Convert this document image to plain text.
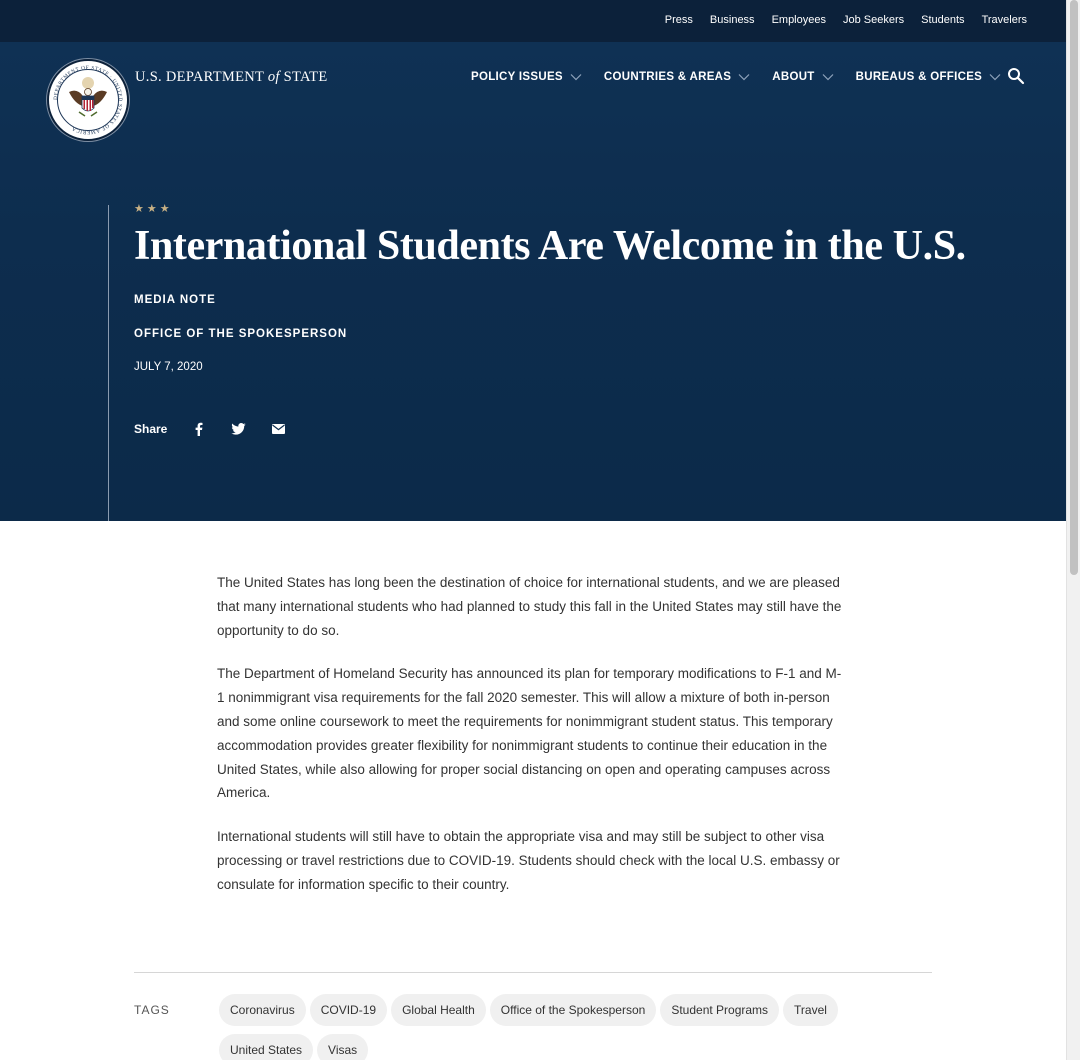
Press Business Employees Job Seekers Students Travelers
DEPARTMENT OF STATE · UNITED STATES OF AMERICA
U.S. DEPARTMENT of STATE	POLICY ISSUES	COUNTRIES & AREAS	ABOUT	BUREAUS & OFFICES
★★★
International Students Are Welcome in the U.S.
MEDIA NOTE
OFFICE OF THE SPOKESPERSON
JULY 7, 2020
Share

The United States has long been the destination of choice for international students, and we are pleased that many international students who had planned to study this fall in the United States may still have the opportunity to do so.

The Department of Homeland Security has announced its plan for temporary modifications to F-1 and M-1 nonimmigrant visa requirements for the fall 2020 semester. This will allow a mixture of both in-person and some online coursework to meet the requirements for nonimmigrant student status. This temporary accommodation provides greater flexibility for nonimmigrant students to continue their education in the United States, while also allowing for proper social distancing on open and operating campuses across America.

International students will still have to obtain the appropriate visa and may still be subject to other visa processing or travel restrictions due to COVID-19. Students should check with the local U.S. embassy or consulate for information specific to their country.

TAGS	Coronavirus	COVID-19	Global Health	Office of the Spokesperson	Student Programs	Travel
United States	Visas
